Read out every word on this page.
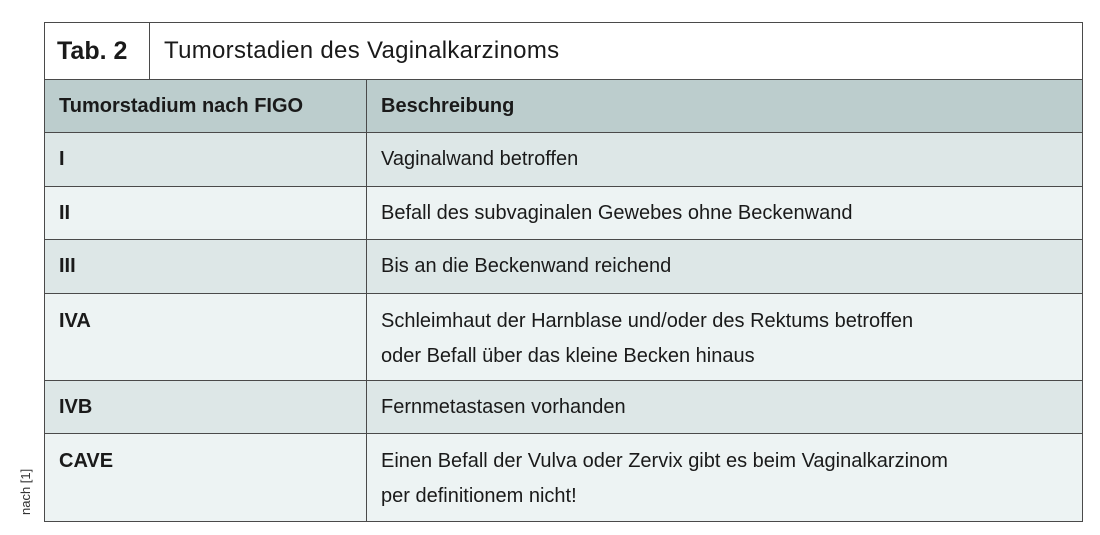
Tab. 2	Tumorstadien des Vaginalkarzinoms
Tumorstadium nach FIGO	Beschreibung
I	Vaginalwand betroffen
II	Befall des subvaginalen Gewebes ohne Beckenwand
III	Bis an die Beckenwand reichend
IVA	Schleimhaut der Harnblase und/oder des Rektums betroffen
oder Befall über das kleine Becken hinaus
IVB	Fernmetastasen vorhanden
CAVE	Einen Befall der Vulva oder Zervix gibt es beim Vaginalkarzinom
per definitionem nicht!
nach [1]
